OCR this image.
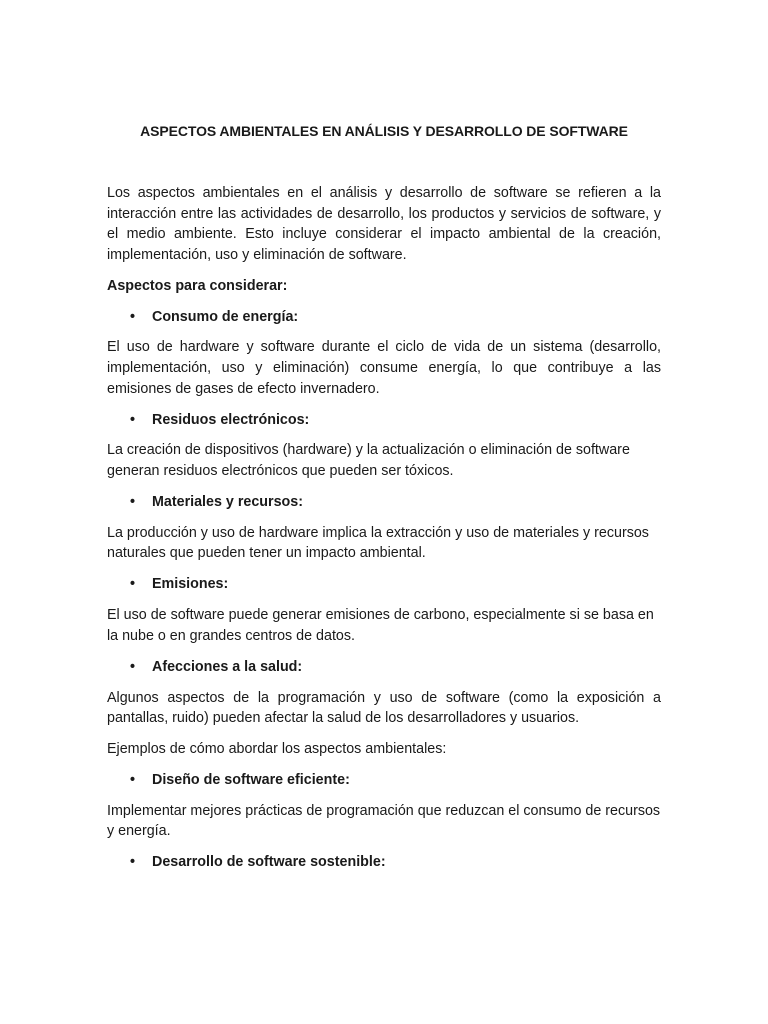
ASPECTOS AMBIENTALES EN ANÁLISIS Y DESARROLLO DE SOFTWARE

Los aspectos ambientales en el análisis y desarrollo de software se refieren a la interacción entre las actividades de desarrollo, los productos y servicios de software, y el medio ambiente. Esto incluye considerar el impacto ambiental de la creación, implementación, uso y eliminación de software.

Aspectos para considerar:

• Consumo de energía:

El uso de hardware y software durante el ciclo de vida de un sistema (desarrollo, implementación, uso y eliminación) consume energía, lo que contribuye a las emisiones de gases de efecto invernadero.

• Residuos electrónicos:

La creación de dispositivos (hardware) y la actualización o eliminación de software generan residuos electrónicos que pueden ser tóxicos.

• Materiales y recursos:

La producción y uso de hardware implica la extracción y uso de materiales y recursos naturales que pueden tener un impacto ambiental.

• Emisiones:

El uso de software puede generar emisiones de carbono, especialmente si se basa en la nube o en grandes centros de datos.

• Afecciones a la salud:

Algunos aspectos de la programación y uso de software (como la exposición a pantallas, ruido) pueden afectar la salud de los desarrolladores y usuarios.

Ejemplos de cómo abordar los aspectos ambientales:

• Diseño de software eficiente:

Implementar mejores prácticas de programación que reduzcan el consumo de recursos y energía.

• Desarrollo de software sostenible:
